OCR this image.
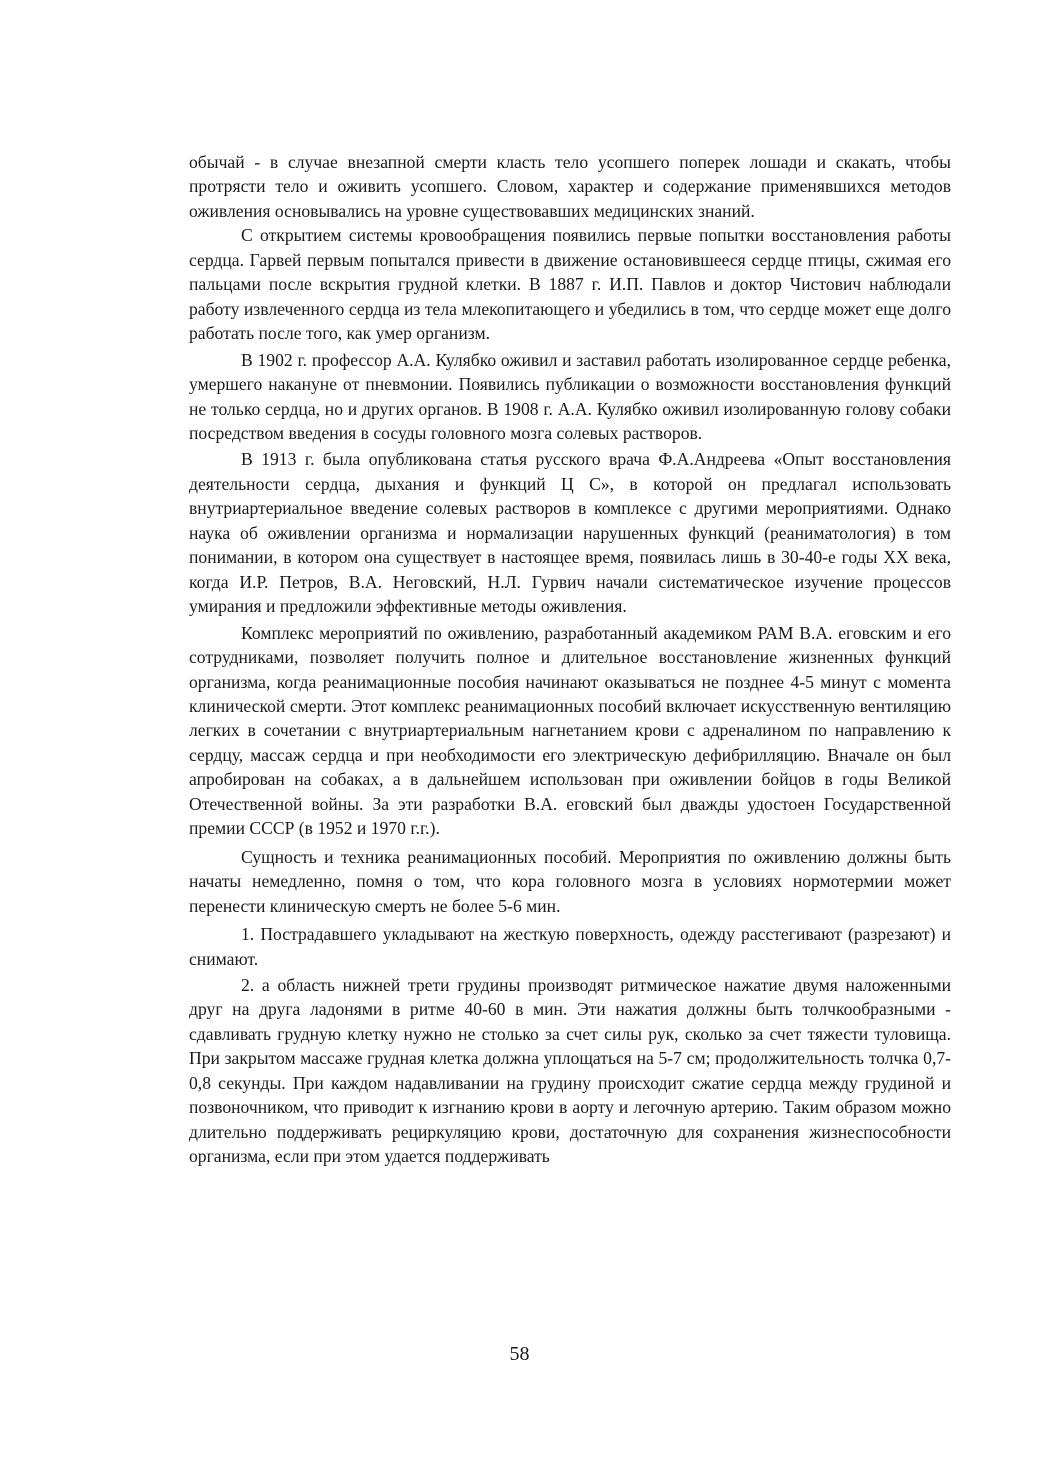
обычай - в случае внезапной смерти класть тело усопшего поперек лошади и скакать, чтобы протрясти тело и оживить усопшего. Словом, характер и содержание применявшихся методов оживления основывались на уровне существовавших медицинских знаний.

С открытием системы кровообращения появились первые попытки восстановления работы сердца. Гарвей первым попытался привести в движение остановившееся сердце птицы, сжимая его пальцами после вскрытия грудной клетки. В 1887 г. И.П. Павлов и доктор Чистович наблюдали работу извлеченного сердца из тела млекопитающего и убедились в том, что сердце может еще долго работать после того, как умер организм.

В 1902 г. профессор А.А. Кулябко оживил и заставил работать изолированное сердце ребенка, умершего накануне от пневмонии. Появились публикации о возможности восстановления функций не только сердца, но и других органов. В 1908 г. А.А. Кулябко оживил изолированную голову собаки посредством введения в сосуды головного мозга солевых растворов.

В 1913 г. была опубликована статья русского врача Ф.А.Андреева «Опыт восстановления деятельности сердца, дыхания и функций Ц С», в которой он предлагал использовать внутриартериальное введение солевых растворов в комплексе с другими мероприятиями. Однако наука об оживлении организма и нормализации нарушенных функций (реаниматология) в том понимании, в котором она существует в настоящее время, появилась лишь в 30-40-е годы XX века, когда И.Р. Петров, В.А. Неговский, Н.Л. Гурвич начали систематическое изучение процессов умирания и предложили эффективные методы оживления.

Комплекс мероприятий по оживлению, разработанный академиком РАМ В.А. еговским и его сотрудниками, позволяет получить полное и длительное восстановление жизненных функций организма, когда реанимационные пособия начинают оказываться не позднее 4-5 минут с момента клинической смерти. Этот комплекс реанимационных пособий включает искусственную вентиляцию легких в сочетании с внутриартериальным нагнетанием крови с адреналином по направлению к сердцу, массаж сердца и при необходимости его электрическую дефибрилляцию. Вначале он был апробирован на собаках, а в дальнейшем использован при оживлении бойцов в годы Великой Отечественной войны. За эти разработки В.А. еговский был дважды удостоен Государственной премии СССР (в 1952 и 1970 г.г.).

Сущность и техника реанимационных пособий. Мероприятия по оживлению должны быть начаты немедленно, помня о том, что кора головного мозга в условиях нормотермии может перенести клиническую смерть не более 5-6 мин.

1. Пострадавшего укладывают на жесткую поверхность, одежду расстегивают (разрезают) и снимают.

2. а область нижней трети грудины производят ритмическое нажатие двумя наложенными друг на друга ладонями в ритме 40-60 в мин. Эти нажатия должны быть толчкообразными - сдавливать грудную клетку нужно не столько за счет силы рук, сколько за счет тяжести туловища. При закрытом массаже грудная клетка должна уплощаться на 5-7 см; продолжительность толчка 0,7-0,8 секунды. При каждом надавливании на грудину происходит сжатие сердца между грудиной и позвоночником, что приводит к изгнанию крови в аорту и легочную артерию. Таким образом можно длительно поддерживать рециркуляцию крови, достаточную для сохранения жизнеспособности организма, если при этом удается поддерживать

58
